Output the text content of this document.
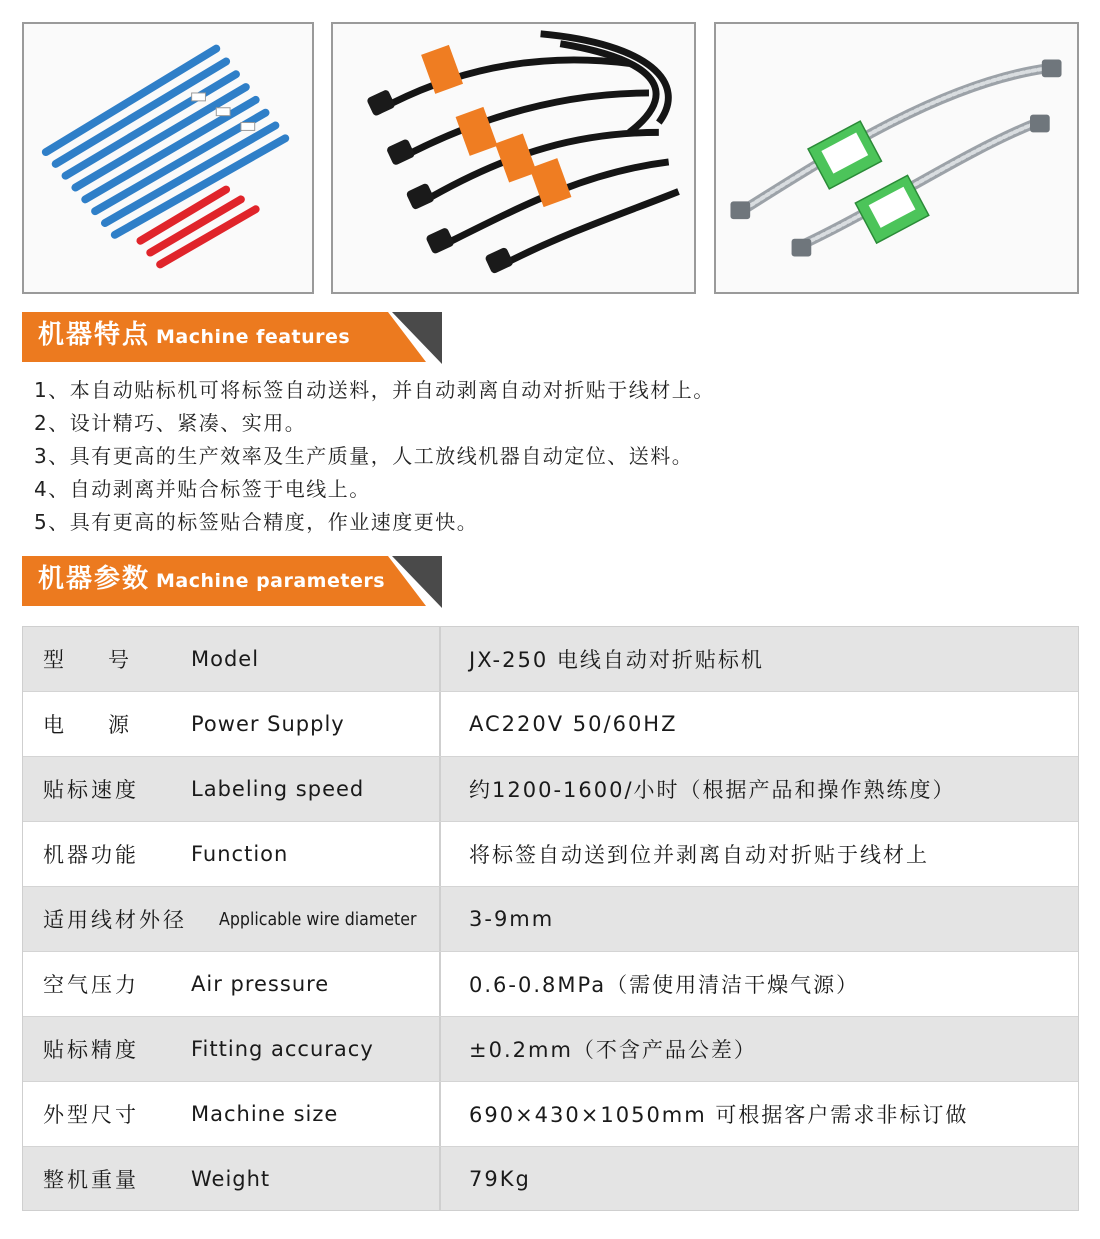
机器特点 Machine features
1、本自动贴标机可将标签自动送料，并自动剥离自动对折贴于线材上。
2、设计精巧、紧凑、实用。
3、具有更高的生产效率及生产质量，人工放线机器自动定位、送料。
4、自动剥离并贴合标签于电线上。
5、具有更高的标签贴合精度，作业速度更快。
机器参数 Machine parameters
型号 Model	JX-250 电线自动对折贴标机
电源 Power Supply	AC220V 50/60HZ
贴标速度 Labeling speed	约1200-1600/小时（根据产品和操作熟练度）
机器功能 Function	将标签自动送到位并剥离自动对折贴于线材上
适用线材外径 Applicable wire diameter 3-9mm
空气压力 Air pressure	0.6-0.8MPa（需使用清洁干燥气源）
贴标精度 Fitting accuracy	±0.2mm（不含产品公差）
外型尺寸 Machine size	690×430×1050mm 可根据客户需求非标订做
整机重量 Weight	79Kg
